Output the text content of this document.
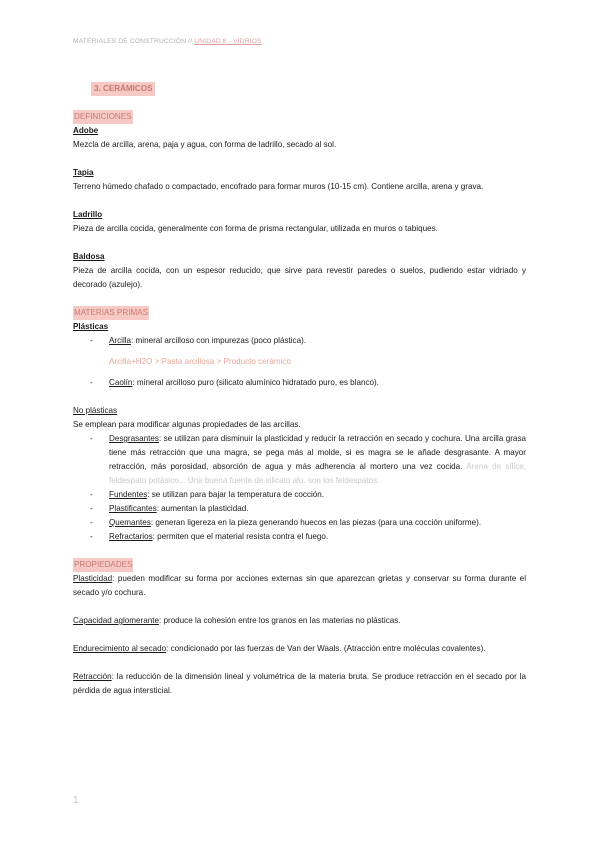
MATERIALES DE CONSTRUCCIÓN // UNIDAD 8 - VIDRIOS
3. CERÁMICOS
DEFINICIONES
Adobe
Mezcla de arcilla, arena, paja y agua, con forma de ladrillo, secado al sol.
Tapia
Terreno húmedo chafado o compactado, encofrado para formar muros (10-15 cm). Contiene arcilla, arena y grava.
Ladrillo
Pieza de arcilla cocida, generalmente con forma de prisma rectangular, utilizada en muros o tabiques.
Baldosa
Pieza de arcilla cocida, con un espesor reducido, que sirve para revestir paredes o suelos, pudiendo estar vidriado y decorado (azulejo).
MATERIAS PRIMAS
Plásticas
- Arcilla: mineral arcilloso con impurezas (poco plástica).
Arcilla+H2O > Pasta arcillosa > Producto cerámico
- Caolín: mineral arcilloso puro (silicato alumínico hidratado puro, es blanco).
No plásticas
Se emplean para modificar algunas propiedades de las arcillas.
- Desgrasantes: se utilizan para disminuir la plasticidad y reducir la retracción en secado y cochura. Una arcilla grasa tiene más retracción que una magra, se pega más al molde, si es magra se le añade desgrasante. A mayor retracción, más porosidad, absorción de agua y más adherencia al mortero una vez cocida. Arena de sílice, feldespato potásico,.. Una buena fuente de silicato alu. son los feldespatos.
- Fundentes: se utilizan para bajar la temperatura de cocción.
- Plastificantes: aumentan la plasticidad.
- Quemantes: generan ligereza en la pieza generando huecos en las piezas (para una cocción uniforme).
- Refractarios: permiten que el material resista contra el fuego.
PROPIEDADES
Plasticidad: pueden modificar su forma por acciones externas sin que aparezcan grietas y conservar su forma durante el secado y/o cochura.
Capacidad aglomerante: produce la cohesión entre los granos en las materias no plásticas.
Endurecimiento al secado: condicionado por las fuerzas de Van der Waals. (Atracción entre moléculas covalentes).
Retracción: la reducción de la dimensión lineal y volumétrica de la materia bruta. Se produce retracción en el secado por la pérdida de agua intersticial.
1
